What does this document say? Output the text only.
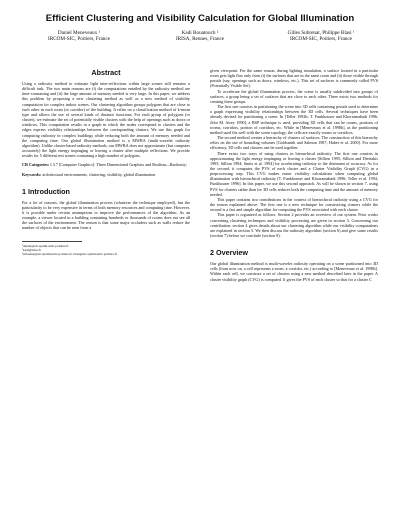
Efficient Clustering and Visibility Calculation for Global Illumination
Daniel Meneveaux ¹
IRCOM-SIC, Poitiers, France
Kadi Bouatouch ²
IRISA, Rennes, France
Gilles Subrenat, Philippe Blasi ¹
IRCOM-SIC, Poitiers, France
Abstract

Using a radiosity method to estimate light inter-reflections within large scenes still remains a difficult task. The two main reasons are (i) the computations entailed by the radiosity method are time-consuming and (ii) the large amount of memory needed is very large. In this paper, we address this problem by proposing a new clustering method as well as a new method of visibility computation for complex indoor scenes. Our clustering algorithm groups polygons that are close to each other in each room (or corridor) of the building. It relies on a classification method of k-mean type and allows the use of several kinds of distance functions. For each group of polygons (or cluster), we estimate the set of potentially visible clusters with the help of openings such as doors or windows. This computation results in a graph in which the nodes correspond to clusters and the edges express visibility relationships between the corresponding clusters. We use this graph for computing radiosity in complex buildings while reducing both the amount of memory needed and the computing time. Our global illumination method is a MWRA (multi-wavelet radiosity algorithm). Unlike cluster-based radiosity methods, our MWRA does not approximate (but computes accurately) the light energy impinging or leaving a cluster after multiple reflections. We provide results for 5 different test scenes containing a high number of polygons.

CR Categories: I.3.7 [Computer Graphics]: Three Dimensional Graphics and Realism—Radiosity;

Keywords: architectural environments, clustering, visibility, global illumination

1 Introduction

For a lot of reasons, the global illumination process (whatever the technique employed), has the particularity to be very expensive in terms of both memory resources and computing time. However, it is possible under certain assumptions to improve the performances of the algorithm. As an example, a viewer located in a building containing hundreds or thousands of rooms does not see all the surfaces of the environment. The reason is that some major occluders such as walls reduce the number of objects that can be seen from a

¹daniel@sic.sp2mi.univ-poitiers.fr

²kadi@irisa.fr

³subrenat@sic.sp2mi.univ-poitiers.fr, blasi@sic.sp2mi.univ-poitiers.fr

given viewpoint. For the same reason, during lighting simulation, a surface located in a particular room gets light flux only from (i) the surfaces that are in the same room and (ii) those visible through portals (say, openings such as doors, windows, etc.). This set of surfaces is commonly called PVS (Potentially Visible Set).

To accelerate the global illumination process, the scene is usually subdivided into groups of surfaces, a group being a set of surfaces that are close to each other. There exists two methods for creating these groups.

The first one consists in partitioning the scene into 3D cells containing portals used to determine a graph expressing visibility relationships between the 3D cells. Several techniques have been already devised for partitioning a scene. In [Teller 1992b; T. Funkhouser and Khorramabadi 1996; Jelot M. Airey 1990], a BSP technique is used, providing 3D cells that can be rooms, portions of rooms, corridors, portion of corridors, etc. While in [Meneveaux et al. 1998b], as the partitioning method used fits well with the scene topology, the cells are exactly rooms or corridors.

The second method creates a hierarchy of clusters of surfaces. The construction of this hierarchy relies on the use of bounding volumes [Goldsmith and Salmon 1987; Haber et al. 2000]. For more efficiency, 3D cells and clusters can be used together.

There exists two ways of using clusters in hierarchical radiosity. The first one consists in approximating the light energy impinging or leaving a cluster [Sillion 1995; Sillion and Drettakis 1995; Sillion 1994; Smits et al. 1994] for accelerating radiosity to the detriment of accuracy. As for the second, it computes the PVS of each cluster and a Cluster Visibility Graph (CVG) in a preprocessing step. This CVG makes easier visibility calculations when computing global illumination with hierarchical radiosity [T. Funkhouser and Khorramabadi 1996; Teller et al. 1994; Funkhouser 1996]. In this paper, we use this second approach. As will be shown in section 7, using PVS for clusters rather than for 3D cells reduces both the computing time and the amount of memory needed.

This paper contains two contributions in the context of hierarchical radiosity using a CVG for the reason explained above. The first one is a new technique for constructing clusters while the second is a fast and simple algorithm for computing the PVS associated with each cluster.

This paper is organized as follows. Section 2 provides an overview of our system. Prior works concerning clustering techniques and visibility processing are given in section 3. Concerning our contribution, section 4 gives details about our clustering algorithm while our visibility computations are explained in section 5. We then discuss the radiosity algorithm (section 6) and give some results (section 7) before we conclude (section 8).

2 Overview

Our global illumination method is multi-wavelet radiosity operating on a scene partitioned into 3D cells (from now on, a cell represents a room, a corridor, etc.) according to [Meneveaux et al. 1998b]. Within each cell, we construct a set of clusters using a new method described later in the paper. A cluster visibility graph (CVG) is computed. It gives the PVS of each cluster so that for a cluster C
